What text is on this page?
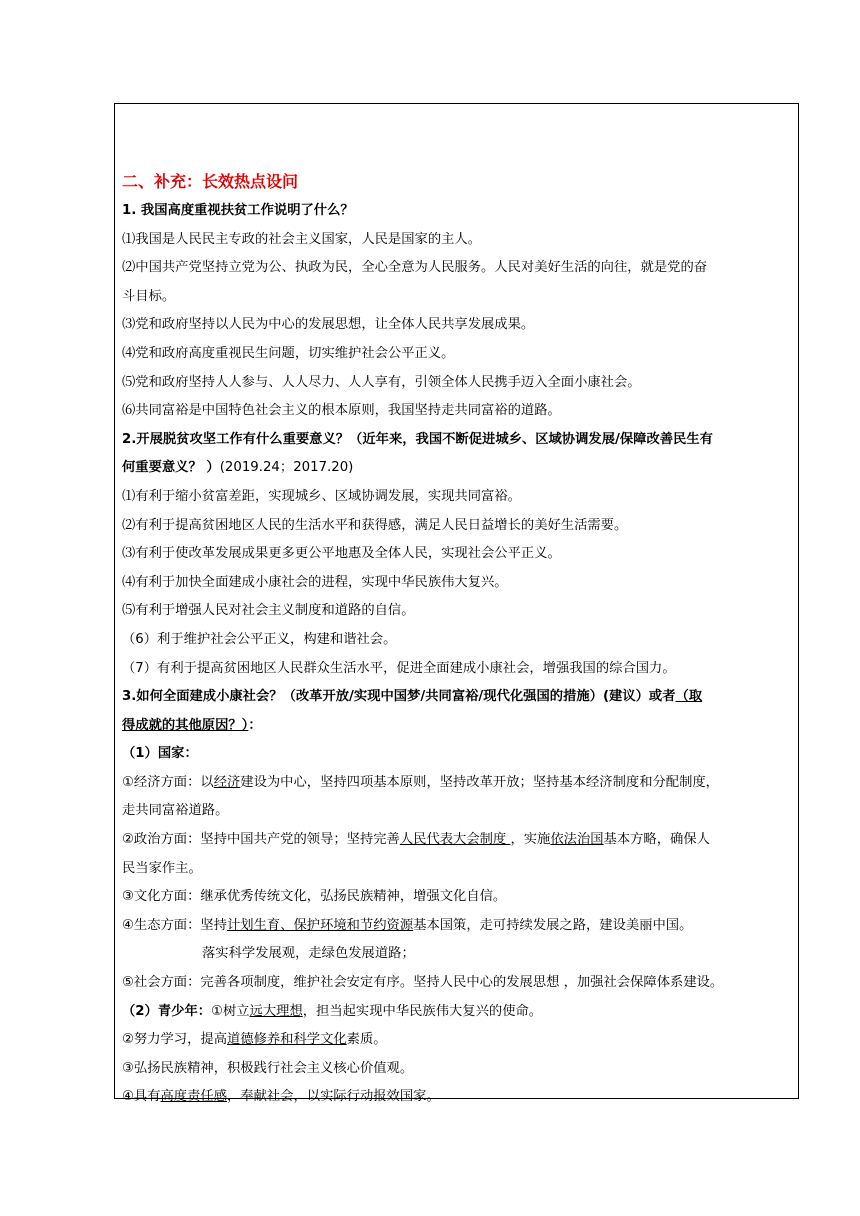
二、补充：长效热点设问
1. 我国高度重视扶贫工作说明了什么？
⑴我国是人民民主专政的社会主义国家，人民是国家的主人。
⑵中国共产党坚持立党为公、执政为民，全心全意为人民服务。人民对美好生活的向往，就是党的奋
斗目标。
⑶党和政府坚持以人民为中心的发展思想，让全体人民共享发展成果。
⑷党和政府高度重视民生问题，切实维护社会公平正义。
⑸党和政府坚持人人参与、人人尽力、人人享有，引领全体人民携手迈入全面小康社会。
⑹共同富裕是中国特色社会主义的根本原则，我国坚持走共同富裕的道路。
2.开展脱贫攻坚工作有什么重要意义？（近年来，我国不断促进城乡、区域协调发展/保障改善民生有
何重要意义？ ）(2019.24；2017.20)
⑴有利于缩小贫富差距，实现城乡、区域协调发展，实现共同富裕。
⑵有利于提高贫困地区人民的生活水平和获得感，满足人民日益增长的美好生活需要。
⑶有利于使改革发展成果更多更公平地惠及全体人民，实现社会公平正义。
⑷有利于加快全面建成小康社会的进程，实现中华民族伟大复兴。
⑸有利于增强人民对社会主义制度和道路的自信。
（6）利于维护社会公平正义，构建和谐社会。
（7）有利于提高贫困地区人民群众生活水平，促进全面建成小康社会，增强我国的综合国力。
3.如何全面建成小康社会？（改革开放/实现中国梦/共同富裕/现代化强国的措施）(建议）或者（取
得成就的其他原因？）：
（1）国家：
①经济方面：以经济建设为中心，坚持四项基本原则，坚持改革开放；坚持基本经济制度和分配制度，
走共同富裕道路。
②政治方面：坚持中国共产党的领导；坚持完善人民代表大会制度 ，实施依法治国基本方略，确保人
民当家作主。
③文化方面：继承优秀传统文化，弘扬民族精神，增强文化自信。
④生态方面：坚持计划生育、保护环境和节约资源基本国策，走可持续发展之路，建设美丽中国。
落实科学发展观，走绿色发展道路；
⑤社会方面：完善各项制度，维护社会安定有序。坚持人民中心的发展思想 ，加强社会保障体系建设。
（2）青少年：①树立远大理想，担当起实现中华民族伟大复兴的使命。
②努力学习，提高道德修养和科学文化素质。
③弘扬民族精神，积极践行社会主义核心价值观。
④具有高度责任感，奉献社会，以实际行动报效国家。
